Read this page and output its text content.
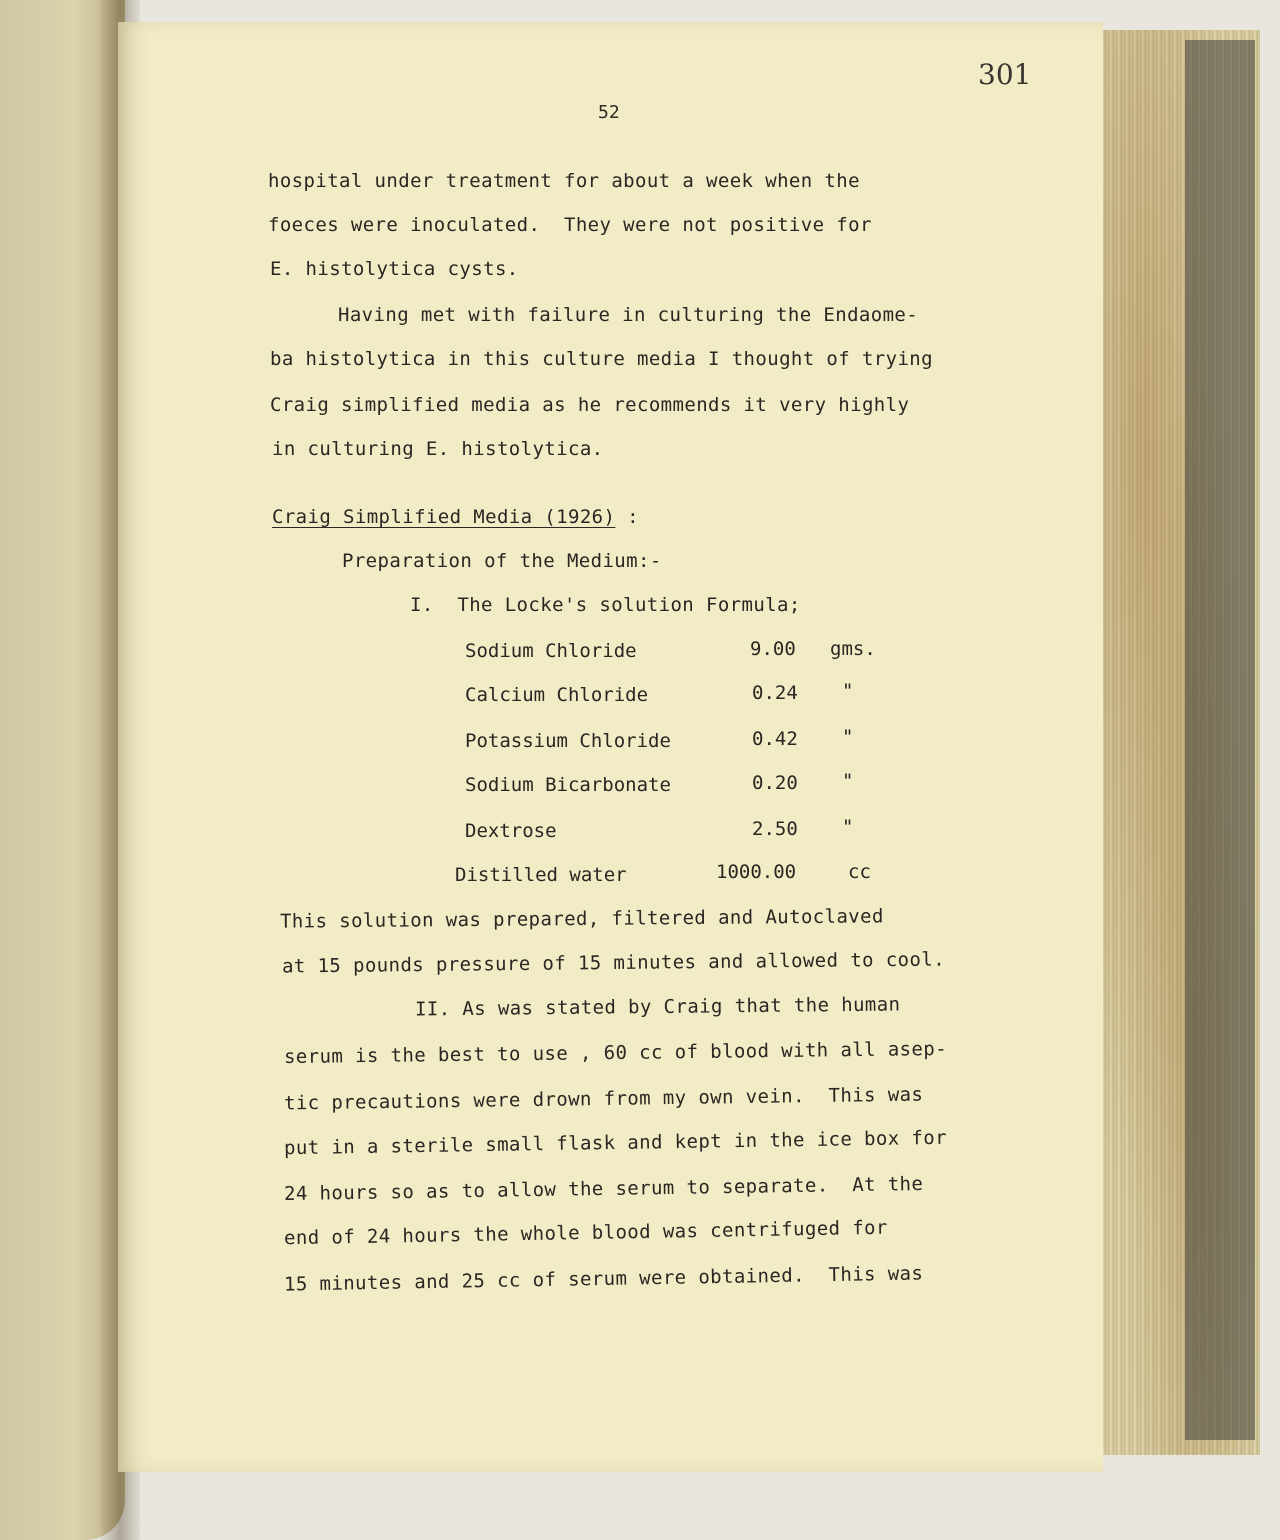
301
52
hospital under treatment for about a week when the
foeces were inoculated.  They were not positive for
E. histolytica cysts.
Having met with failure in culturing the Endaome-
ba histolytica in this culture media I thought of trying
Craig simplified media as he recommends it very highly
in culturing E. histolytica.
Craig Simplified Media (1926) :
Preparation of the Medium:-
I.  The Locke's solution Formula;
Sodium Chloride	9.00 gms.
Calcium Chloride	0.24 "
Potassium Chloride	0.42 "
Sodium Bicarbonate	0.20 "
Dextrose	2.50 "
Distilled water	1000.00	cc
This solution was prepared, filtered and Autoclaved
at 15 pounds pressure of 15 minutes and allowed to cool.
II. As was stated by Craig that the human
serum is the best to use , 60 cc of blood with all asep-
tic precautions were drown from my own vein.  This was
put in a sterile small flask and kept in the ice box for
24 hours so as to allow the serum to separate.  At the
end of 24 hours the whole blood was centrifuged for
15 minutes and 25 cc of serum were obtained.  This was
